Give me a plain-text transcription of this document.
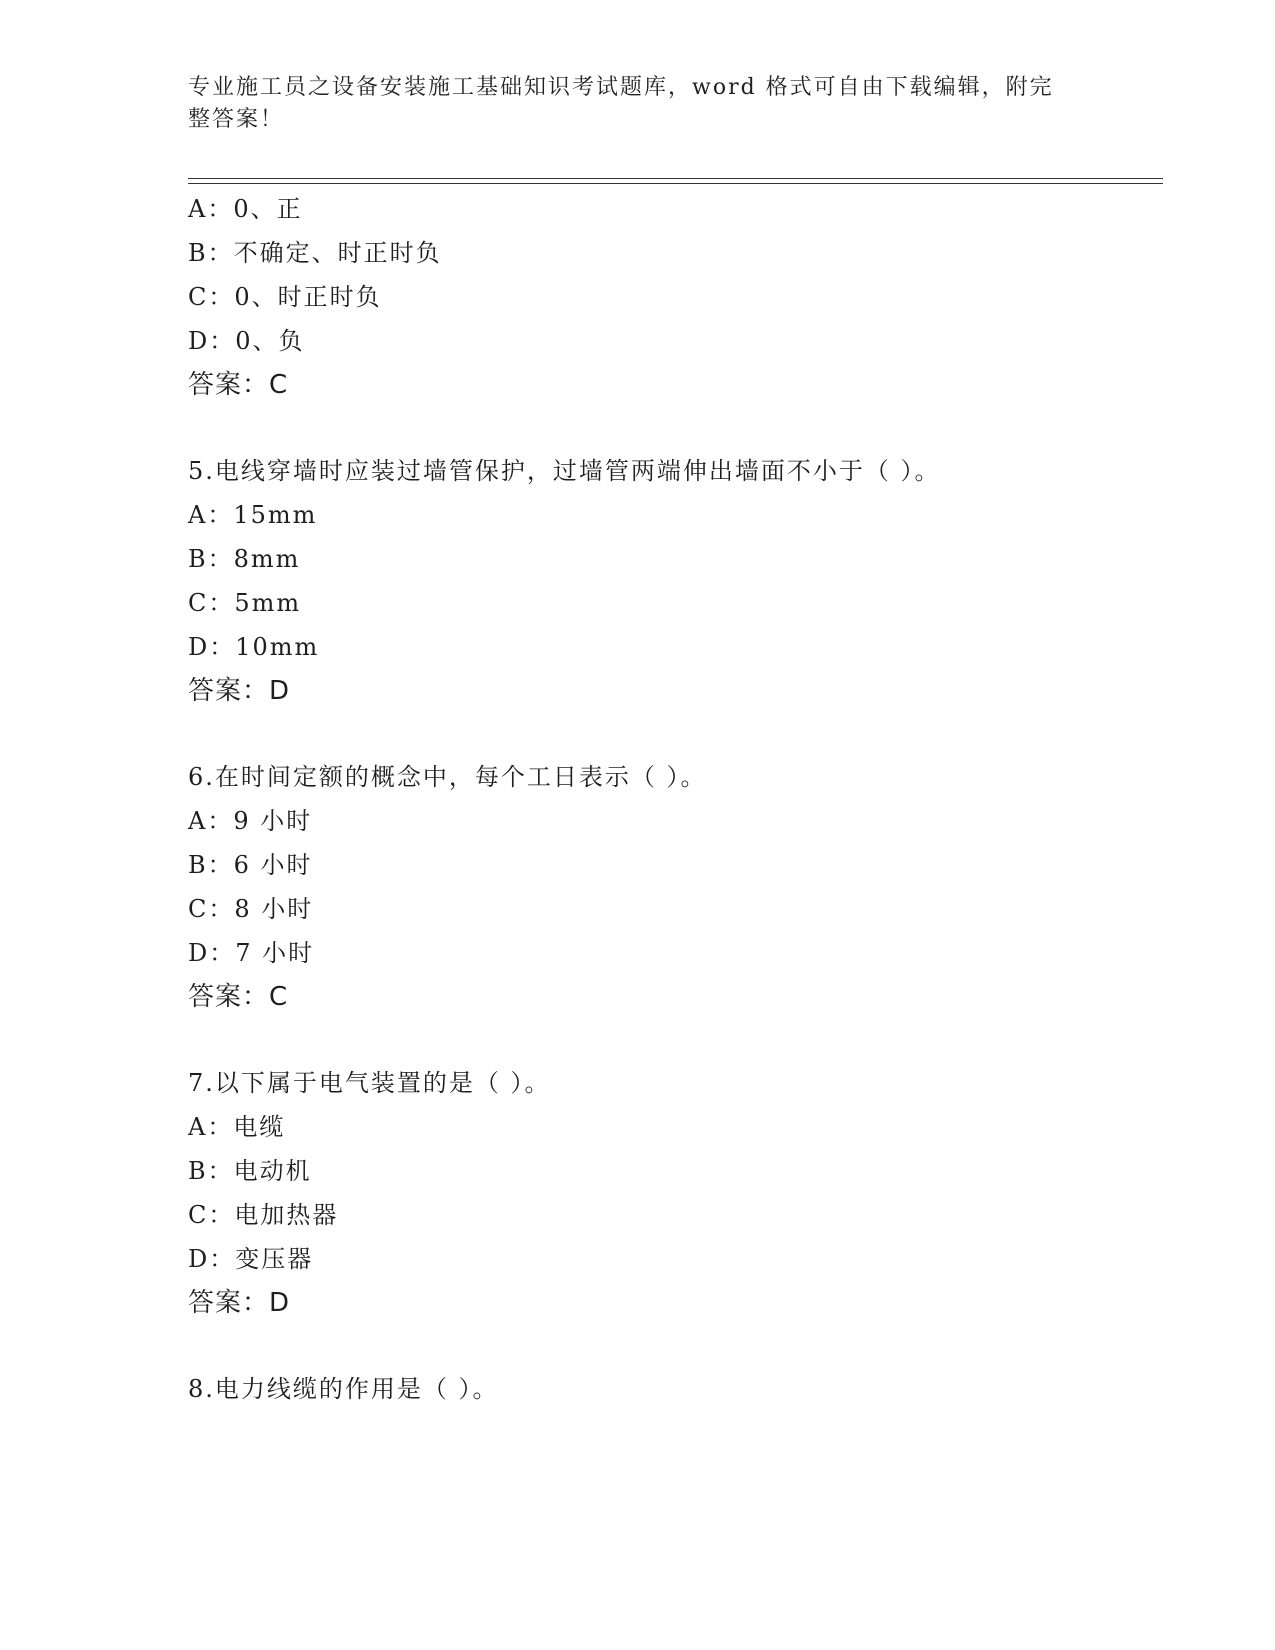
专业施工员之设备安装施工基础知识考试题库，word 格式可自由下载编辑，附完
整答案！
A：0、正
B：不确定、时正时负
C：0、时正时负
D：0、负
答案：C
5.电线穿墙时应装过墙管保护，过墙管两端伸出墙面不小于（ ）。
A：15mm
B：8mm
C：5mm
D：10mm
答案：D
6.在时间定额的概念中，每个工日表示（ ）。
A：9 小时
B：6 小时
C：8 小时
D：7 小时
答案：C
7.以下属于电气装置的是（ ）。
A：电缆
B：电动机
C：电加热器
D：变压器
答案：D
8.电力线缆的作用是（ ）。
